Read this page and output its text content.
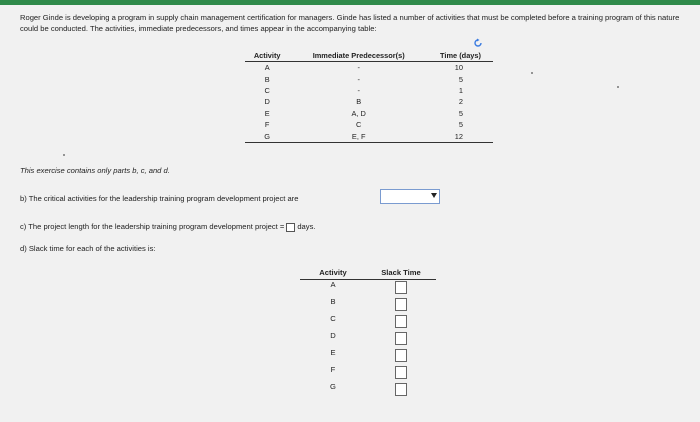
Roger Ginde is developing a program in supply chain management certification for managers. Ginde has listed a number of activities that must be completed before a training program of this nature could be conducted. The activities, immediate predecessors, and times appear in the accompanying table:
Activity	Immediate Predecessor(s)	Time (days)
A	-	10
B	-	5
C	-	1
D	B	2
E	A, D	5
F	C	5
G	E, F	12
This exercise contains only parts b, c, and d.
b) The critical activities for the leadership training program development project are
c) The project length for the leadership training program development project = days.
d) Slack time for each of the activities is:
Activity	Slack Time
A	
B	
C	
D	
E	
F	
G	
